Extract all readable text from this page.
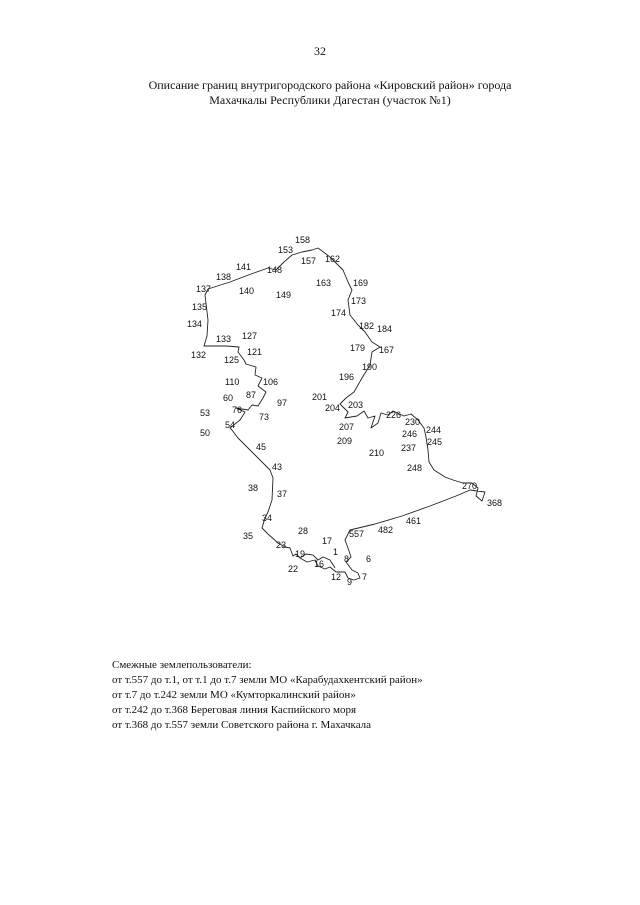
32
Описание границ внутригородского района «Кировский район» города
Махачкалы Республики Дагестан (участок №1)
158
153
157 162
148
141
138
137	140 149
163 169
173
135
174
134	182 184
133 127
179 167
121
132 125
190
196
110	106
60 87	201
97	203
53 76	204
73	226
54	230
207	244
246
50
209	245
45	237
210
43	248
270
38
37
368
461
34
482
28	557
35	17
23
6
19	1
8
16
22
12 7
9
Смежные землепользователи:
от т.557 до т.1, от т.1 до т.7 земли МО «Карабудахкентский район»
от т.7 до т.242 земли МО «Кумторкалинский район»
от т.242 до т.368 Береговая линия Каспийского моря
от т.368 до т.557 земли Советского района г. Махачкала
